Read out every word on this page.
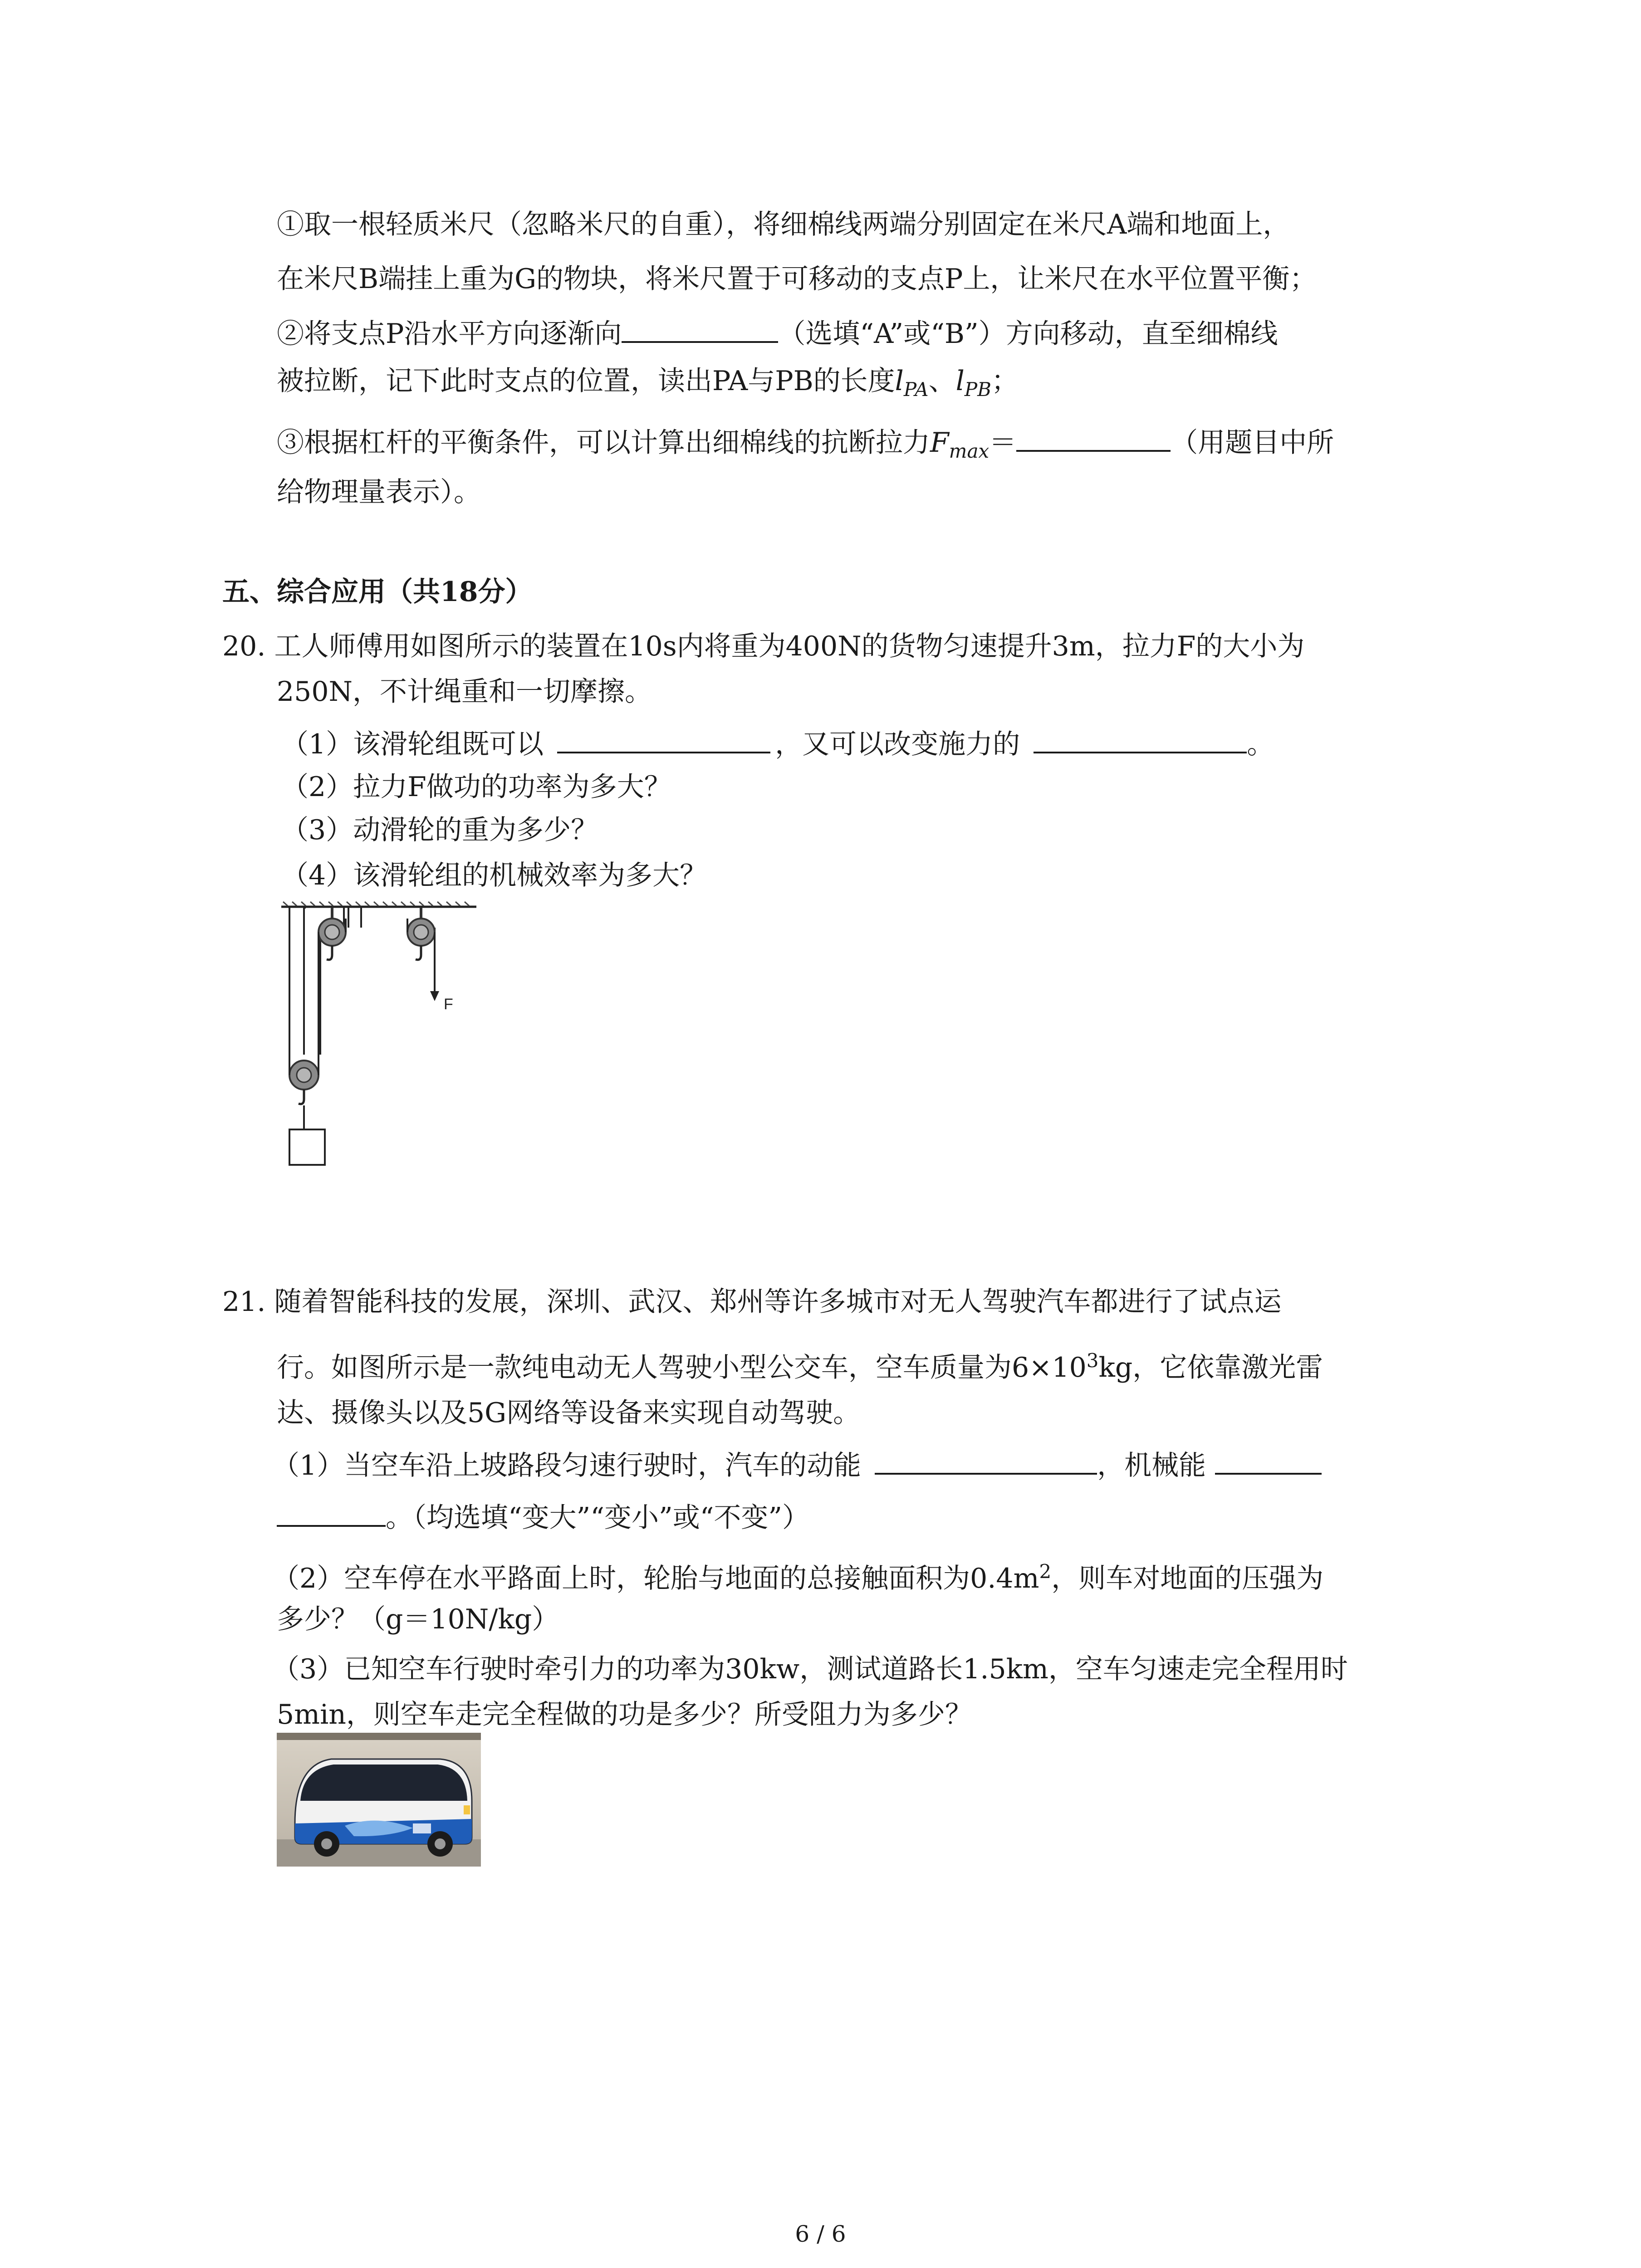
①取一根轻质米尺（忽略米尺的自重），将细棉线两端分别固定在米尺A端和地面上，
在米尺B端挂上重为G的物块，将米尺置于可移动的支点P上，让米尺在水平位置平衡；
②将支点P沿水平方向逐渐向	（选填“A”或“B”）方向移动，直至细棉线
被拉断，记下此时支点的位置，读出PA与PB的长度$l_{PA}$、$l_{PB}$；
③根据杠杆的平衡条件，可以计算出细棉线的抗断拉力$F_{max}=$	（用题目中所
给物理量表示）。
五、综合应用（共18分）
20. 工人师傅用如图所示的装置在10s内将重为400N的货物匀速提升3m，拉力F的大小为
250N，不计绳重和一切摩擦。
（1）该滑轮组既可以	，又可以改变施力的	。
（2）拉力F做功的功率为多大？
（3）动滑轮的重为多少？
（4）该滑轮组的机械效率为多大？
F
21. 随着智能科技的发展，深圳、武汉、郑州等许多城市对无人驾驶汽车都进行了试点运
行。如图所示是一款纯电动无人驾驶小型公交车，空车质量为$6\times 10^3kg$，它依靠激光雷
达、摄像头以及5G网络等设备来实现自动驾驶。
（1）当空车沿上坡路段匀速行驶时，汽车的动能	，机械能
。（均选填“变大”“变小”或“不变”）
（2）空车停在水平路面上时，轮胎与地面的总接触面积为$0.4m^2$，则车对地面的压强为
多少？（g＝10N/kg）
（3）已知空车行驶时牵引力的功率为30kw，测试道路长1.5km，空车匀速走完全程用时
5min，则空车走完全程做的功是多少？所受阻力为多少？
6 / 6
